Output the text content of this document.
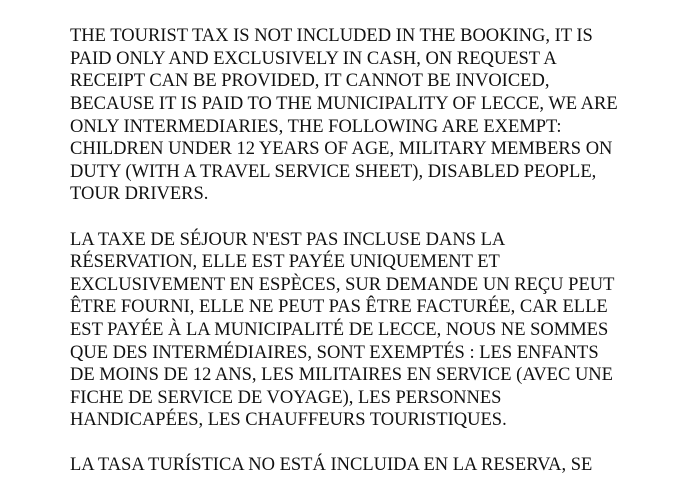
THE TOURIST TAX IS NOT INCLUDED IN THE BOOKING, IT IS
PAID ONLY AND EXCLUSIVELY IN CASH, ON REQUEST A
RECEIPT CAN BE PROVIDED, IT CANNOT BE INVOICED,
BECAUSE IT IS PAID TO THE MUNICIPALITY OF LECCE, WE ARE
ONLY INTERMEDIARIES, THE FOLLOWING ARE EXEMPT:
CHILDREN UNDER 12 YEARS OF AGE, MILITARY MEMBERS ON
DUTY (WITH A TRAVEL SERVICE SHEET), DISABLED PEOPLE,
TOUR DRIVERS.
LA TAXE DE SÉJOUR N'EST PAS INCLUSE DANS LA
RÉSERVATION, ELLE EST PAYÉE UNIQUEMENT ET
EXCLUSIVEMENT EN ESPÈCES, SUR DEMANDE UN REÇU PEUT
ÊTRE FOURNI, ELLE NE PEUT PAS ÊTRE FACTURÉE, CAR ELLE
EST PAYÉE À LA MUNICIPALITÉ DE LECCE, NOUS NE SOMMES
QUE DES INTERMÉDIAIRES, SONT EXEMPTÉS : LES ENFANTS
DE MOINS DE 12 ANS, LES MILITAIRES EN SERVICE (AVEC UNE
FICHE DE SERVICE DE VOYAGE), LES PERSONNES
HANDICAPÉES, LES CHAUFFEURS TOURISTIQUES.
LA TASA TURÍSTICA NO ESTÁ INCLUIDA EN LA RESERVA, SE
